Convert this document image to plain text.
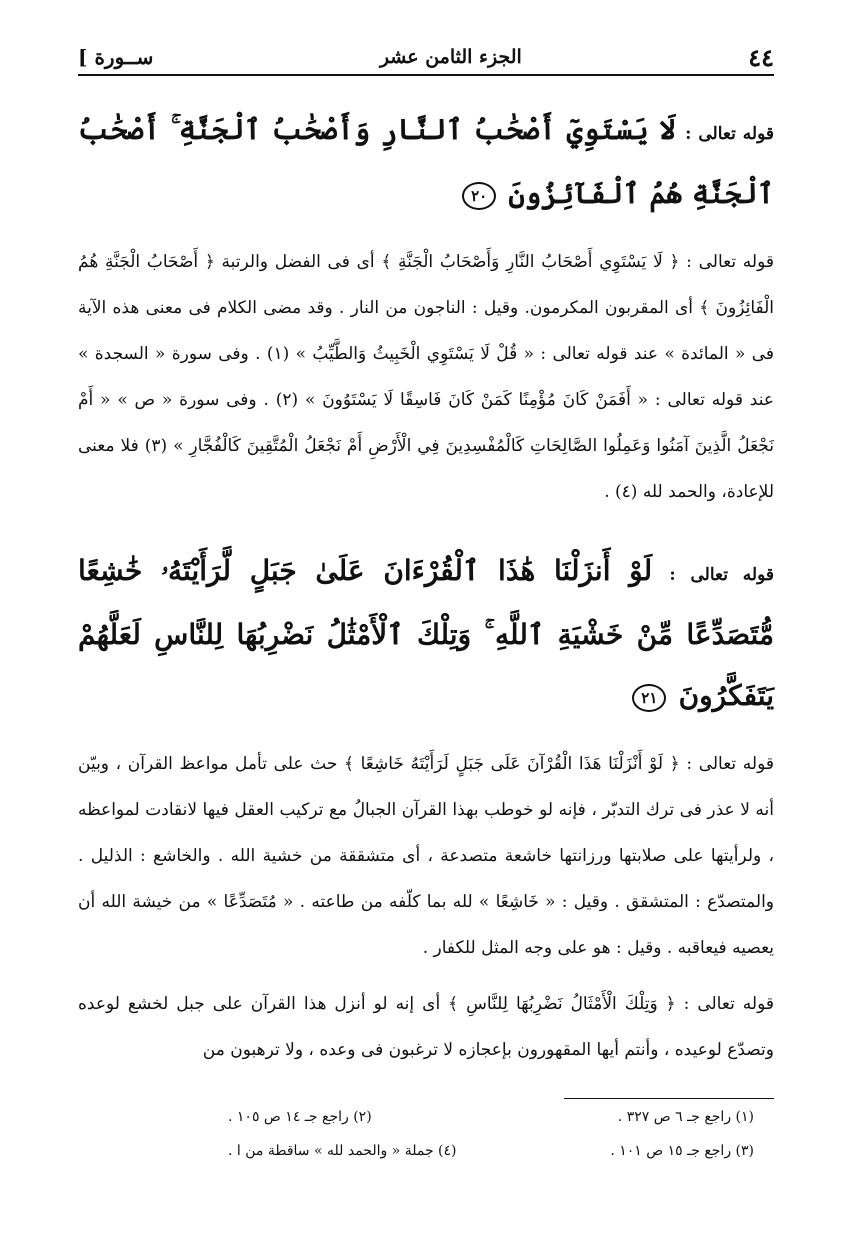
[ ســورة	الجزء الثامن عشر	٤٤

قوله تعالى : لَا يَسْتَوِيٓ أَصْحَٰبُ ٱلنَّارِ وَأَصْحَٰبُ ٱلْجَنَّةِ ۚ أَصْحَٰبُ ٱلْجَنَّةِ هُمُ ٱلْفَآئِزُونَ ٢٠

قوله تعالى : ﴿ لَا يَسْتَوِي أَصْحَابُ النَّارِ وَأَصْحَابُ الْجَنَّةِ ﴾ أى فى الفضل والرتبة ﴿ أَصْحَابُ الْجَنَّةِ هُمُ الْفَائِزُونَ ﴾ أى المقربون المكرمون. وقيل : الناجون من النار . وقد مضى الكلام فى معنى هذه الآية فى « المائدة » عند قوله تعالى : « قُلْ لَا يَسْتَوِي الْخَبِيثُ وَالطَّيِّبُ » (١) . وفى سورة « السجدة » عند قوله تعالى : « أَفَمَنْ كَانَ مُؤْمِنًا كَمَنْ كَانَ فَاسِقًا لَا يَسْتَوُونَ » (٢) . وفى سورة « ص » « أَمْ نَجْعَلُ الَّذِينَ آمَنُوا وَعَمِلُوا الصَّالِحَاتِ كَالْمُفْسِدِينَ فِي الْأَرْضِ أَمْ نَجْعَلُ الْمُتَّقِينَ كَالْفُجَّارِ » (٣) فلا معنى للإعادة، والحمد لله (٤) .

قوله تعالى : لَوْ أَنزَلْنَا هَٰذَا ٱلْقُرْءَانَ عَلَىٰ جَبَلٍ لَّرَأَيْتَهُۥ خَٰشِعًا مُّتَصَدِّعًا مِّنْ خَشْيَةِ ٱللَّهِ ۚ وَتِلْكَ ٱلْأَمْثَٰلُ نَضْرِبُهَا لِلنَّاسِ لَعَلَّهُمْ يَتَفَكَّرُونَ ٢١

قوله تعالى : ﴿ لَوْ أَنْزَلْنَا هَذَا الْقُرْآنَ عَلَى جَبَلٍ لَرَأَيْتَهُ خَاشِعًا ﴾ حث على تأمل مواعظ القرآن ، وبيّن أنه لا عذر فى ترك التدبّر ، فإنه لو خوطب بهذا القرآن الجبالُ مع تركيب العقل فيها لانقادت لمواعظه ، ولرأيتها على صلابتها ورزانتها خاشعة متصدعة ، أى متشققة من خشية الله . والخاشع : الذليل . والمتصدّع : المتشقق . وقيل : « خَاشِعًا » لله بما كلّفه من طاعته . « مُتَصَدِّعًا » من خيشة الله أن يعصيه فيعاقبه . وقيل : هو على وجه المثل للكفار .

قوله تعالى : ﴿ وَتِلْكَ الْأَمْثَالُ نَضْرِبُهَا لِلنَّاسِ ﴾ أى إنه لو أنزل هذا القرآن على جبل لخشع لوعده وتصدّع لوعيده ، وأنتم أيها المقهورون بإعجازه لا ترغبون فى وعده ، ولا ترهبون من

(١) راجع جـ ٦ ص ٣٢٧ .
(٢) راجع جـ ١٤ ص ١٠٥ .
(٣) راجع جـ ١٥ ص ١٠١ .
(٤) جملة « والحمد لله » ساقطة من ا .
